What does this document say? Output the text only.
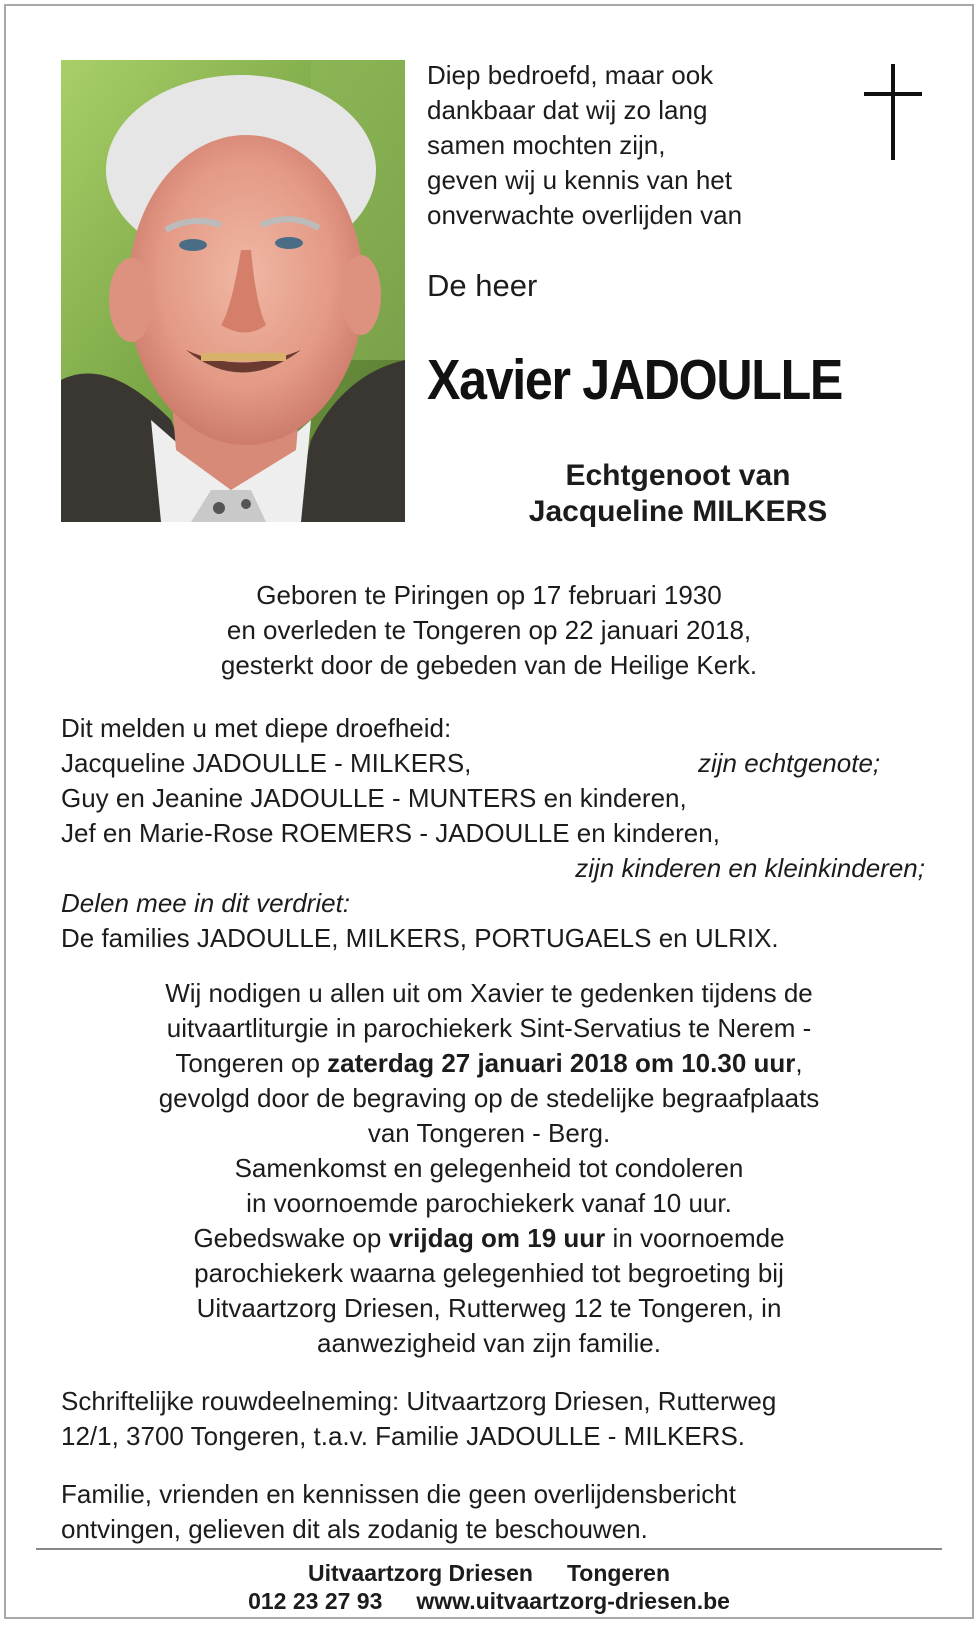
Diep bedroefd, maar ook
dankbaar dat wij zo lang
samen mochten zijn,
geven wij u kennis van het
onverwachte overlijden van
De heer
Xavier JADOULLE
Echtgenoot van
Jacqueline MILKERS
Geboren te Piringen op 17 februari 1930
en overleden te Tongeren op 22 januari 2018,
gesterkt door de gebeden van de Heilige Kerk.
Dit melden u met diepe droefheid:
Jacqueline JADOULLE - MILKERS,	zijn echtgenote;
Guy en Jeanine JADOULLE - MUNTERS en kinderen,
Jef en Marie-Rose ROEMERS - JADOULLE en kinderen,
zijn kinderen en kleinkinderen;
Delen mee in dit verdriet:
De families JADOULLE, MILKERS, PORTUGAELS en ULRIX.
Wij nodigen u allen uit om Xavier te gedenken tijdens de
uitvaartliturgie in parochiekerk Sint-Servatius te Nerem -
Tongeren op zaterdag 27 januari 2018 om 10.30 uur,
gevolgd door de begraving op de stedelijke begraafplaats
van Tongeren - Berg.
Samenkomst en gelegenheid tot condoleren
in voornoemde parochiekerk vanaf 10 uur.
Gebedswake op vrijdag om 19 uur in voornoemde
parochiekerk waarna gelegenhied tot begroeting bij
Uitvaartzorg Driesen, Rutterweg 12 te Tongeren, in
aanwezigheid van zijn familie.
Schriftelijke rouwdeelneming: Uitvaartzorg Driesen, Rutterweg
12/1, 3700 Tongeren, t.a.v. Familie JADOULLE - MILKERS.
Familie, vrienden en kennissen die geen overlijdensbericht
ontvingen, gelieven dit als zodanig te beschouwen.
Uitvaartzorg Driesen Tongeren
012 23 27 93 www.uitvaartzorg-driesen.be
